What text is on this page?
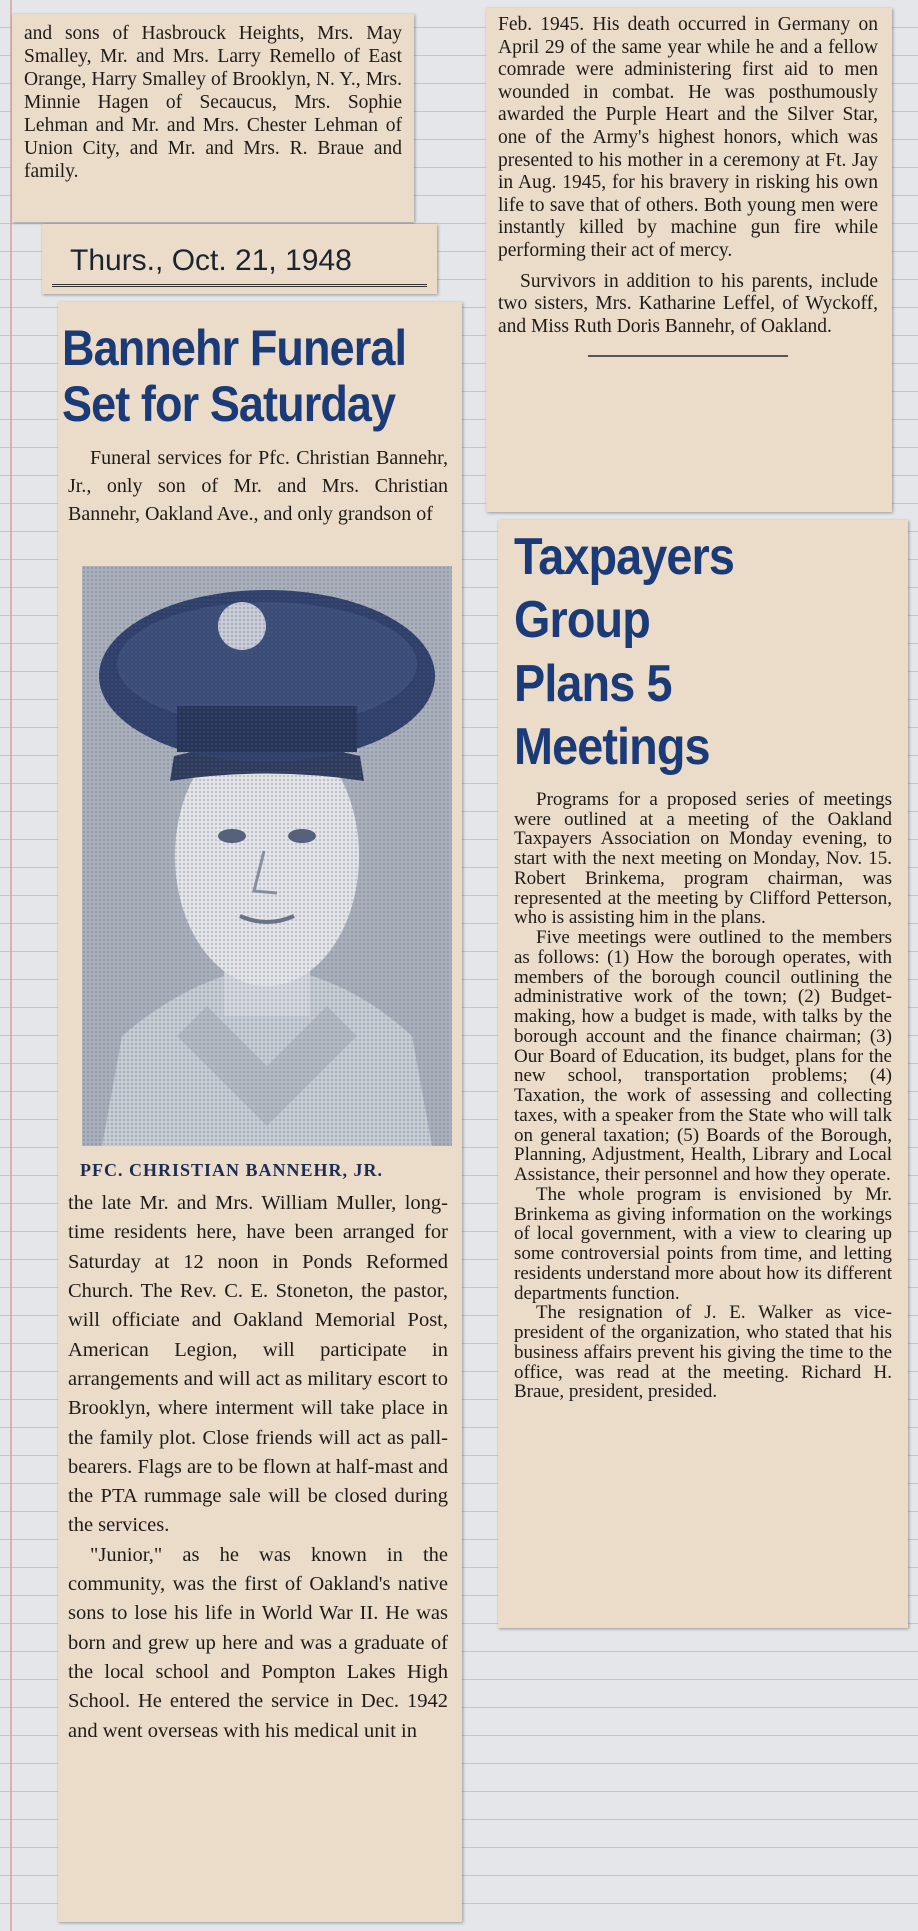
and sons of Hasbrouck Heights, Mrs. May Smalley, Mr. and Mrs. Larry Remello of East Orange, Harry Smalley of Brooklyn, N. Y., Mrs. Minnie Hagen of Secaucus, Mrs. Sophie Lehman and Mr. and Mrs. Chester Lehman of Union City, and Mr. and Mrs. R. Braue and family.
Thurs., Oct. 21, 1948
Bannehr Funeral
Set for Saturday

Funeral services for Pfc. Christian Bannehr, Jr., only son of Mr. and Mrs. Christian Bannehr, Oakland Ave., and only grandson of

PFC. CHRISTIAN BANNEHR, JR.

the late Mr. and Mrs. William Muller, long-time residents here, have been arranged for Saturday at 12 noon in Ponds Reformed Church. The Rev. C. E. Stoneton, the pastor, will officiate and Oakland Memorial Post, American Legion, will participate in arrangements and will act as military escort to Brooklyn, where interment will take place in the family plot. Close friends will act as pall-bearers. Flags are to be flown at half-mast and the PTA rummage sale will be closed during the services.

"Junior," as he was known in the community, was the first of Oakland's native sons to lose his life in World War II. He was born and grew up here and was a graduate of the local school and Pompton Lakes High School. He entered the service in Dec. 1942 and went overseas with his medical unit in

Feb. 1945. His death occurred in Germany on April 29 of the same year while he and a fellow comrade were administering first aid to men wounded in combat. He was posthumously awarded the Purple Heart and the Silver Star, one of the Army's highest honors, which was presented to his mother in a ceremony at Ft. Jay in Aug. 1945, for his bravery in risking his own life to save that of others. Both young men were instantly killed by machine gun fire while performing their act of mercy.

Survivors in addition to his parents, include two sisters, Mrs. Katharine Leffel, of Wyckoff, and Miss Ruth Doris Bannehr, of Oakland.

Taxpayers Group
Plans 5 Meetings

Programs for a proposed series of meetings were outlined at a meeting of the Oakland Taxpayers Association on Monday evening, to start with the next meeting on Monday, Nov. 15. Robert Brinkema, program chairman, was represented at the meeting by Clifford Petterson, who is assisting him in the plans.

Five meetings were outlined to the members as follows: (1) How the borough operates, with members of the borough council outlining the administrative work of the town; (2) Budget-making, how a budget is made, with talks by the borough account and the finance chairman; (3) Our Board of Education, its budget, plans for the new school, transportation problems; (4) Taxation, the work of assessing and collecting taxes, with a speaker from the State who will talk on general taxation; (5) Boards of the Borough, Planning, Adjustment, Health, Library and Local Assistance, their personnel and how they operate.

The whole program is envisioned by Mr. Brinkema as giving information on the workings of local government, with a view to clearing up some controversial points from time, and letting residents understand more about how its different departments function.

The resignation of J. E. Walker as vice-president of the organization, who stated that his business affairs prevent his giving the time to the office, was read at the meeting. Richard H. Braue, president, presided.
